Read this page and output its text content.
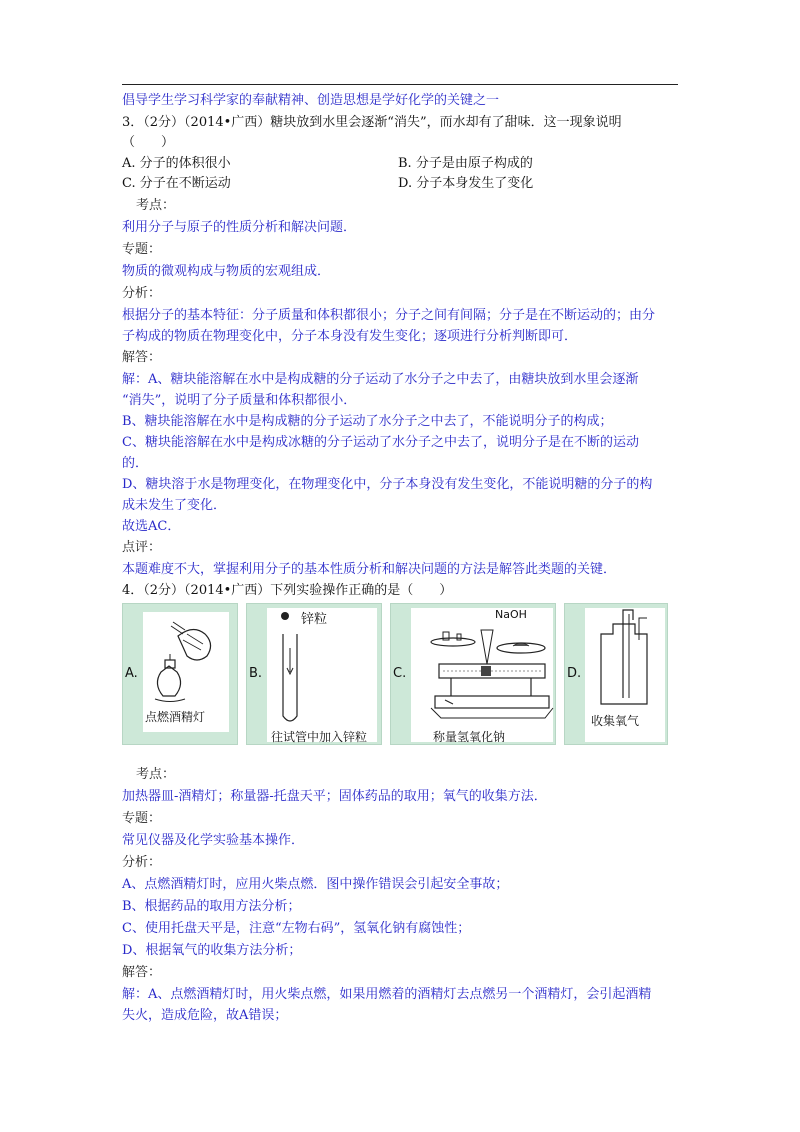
倡导学生学习科学家的奉献精神、创造思想是学好化学的关键之一
3．（2分）（2014•广西）糖块放到水里会逐渐“消失”，而水却有了甜味．这一现象说明
（　　）
A. 分子的体积很小	B. 分子是由原子构成的
C. 分子在不断运动	D. 分子本身发生了变化
考点：
利用分子与原子的性质分析和解决问题．
专题：
物质的微观构成与物质的宏观组成．
分析：
根据分子的基本特征：分子质量和体积都很小；分子之间有间隔；分子是在不断运动的；由分
子构成的物质在物理变化中，分子本身没有发生变化；逐项进行分析判断即可．
解答：
解：A、糖块能溶解在水中是构成糖的分子运动了水分子之中去了，由糖块放到水里会逐渐
“消失”，说明了分子质量和体积都很小．
B、糖块能溶解在水中是构成糖的分子运动了水分子之中去了，不能说明分子的构成；
C、糖块能溶解在水中是构成冰糖的分子运动了水分子之中去了，说明分子是在不断的运动
的．
D、糖块溶于水是物理变化，在物理变化中，分子本身没有发生变化，不能说明糖的分子的构
成未发生了变化．
故选AC．
点评：
本题难度不大，掌握利用分子的基本性质分析和解决问题的方法是解答此类题的关键．
4．（2分）（2014•广西）下列实验操作正确的是（　　）
考点：
加热器皿-酒精灯；称量器-托盘天平；固体药品的取用；氧气的收集方法．
专题：
常见仪器及化学实验基本操作．
分析：
A、点燃酒精灯时，应用火柴点燃．图中操作错误会引起安全事故；
B、根据药品的取用方法分析；
C、使用托盘天平是，注意“左物右码”，氢氧化钠有腐蚀性；
D、根据氧气的收集方法分析；
解答：
解：A、点燃酒精灯时，用火柴点燃，如果用燃着的酒精灯去点燃另一个酒精灯，会引起酒精
失火，造成危险，故A错误；
A.
点燃酒精灯
B.
锌粒
往试管中加入锌粒
C.
NaOH
称量氢氧化钠
D.
收集氧气
